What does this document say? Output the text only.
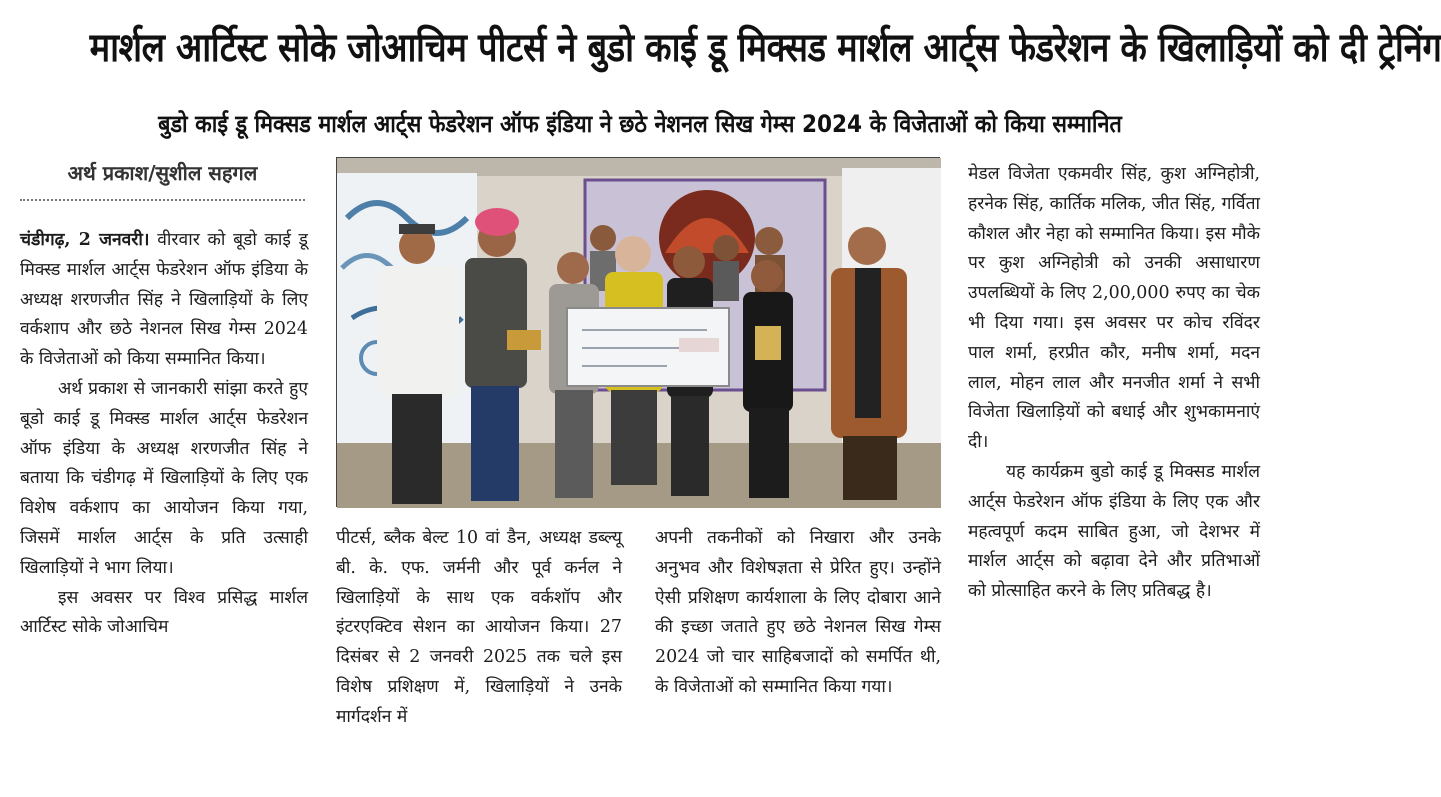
मार्शल आर्टिस्ट सोके जोआचिम पीटर्स ने बुडो काई डू मिक्सड मार्शल आर्ट्स फेडरेशन के खिलाड़ियों को दी ट्रेनिंग
बुडो काई डू मिक्सड मार्शल आर्ट्स फेडरेशन ऑफ इंडिया ने छठे नेशनल सिख गेम्स 2024 के विजेताओं को किया सम्मानित
अर्थ प्रकाश/सुशील सहगल

चंडीगढ़, 2 जनवरी। वीरवार को बूडो काई डू मिक्स्ड मार्शल आर्ट्स फेडरेशन ऑफ इंडिया के अध्यक्ष शरणजीत सिंह ने खिलाड़ियों के लिए वर्कशाप और छठे नेशनल सिख गेम्स 2024 के विजेताओं को किया सम्मानित किया।

अर्थ प्रकाश से जानकारी सांझा करते हुए बूडो काई डू मिक्स्ड मार्शल आर्ट्स फेडरेशन ऑफ इंडिया के अध्यक्ष शरणजीत सिंह ने बताया कि चंडीगढ़ में खिलाड़ियों के लिए एक विशेष वर्कशाप का आयोजन किया गया, जिसमें मार्शल आर्ट्स के प्रति उत्साही खिलाड़ियों ने भाग लिया।

इस अवसर पर विश्व प्रसिद्ध मार्शल आर्टिस्ट सोके जोआचिम

पीटर्स, ब्लैक बेल्ट 10 वां डैन, अध्यक्ष डब्ल्यू बी. के. एफ. जर्मनी और पूर्व कर्नल ने खिलाड़ियों के साथ एक वर्कशॉप और इंटरएक्टिव सेशन का आयोजन किया। 27 दिसंबर से 2 जनवरी 2025 तक चले इस विशेष प्रशिक्षण में, खिलाड़ियों ने उनके मार्गदर्शन में

अपनी तकनीकों को निखारा और उनके अनुभव और विशेषज्ञता से प्रेरित हुए। उन्होंने ऐसी प्रशिक्षण कार्यशाला के लिए दोबारा आने की इच्छा जताते हुए छठे नेशनल सिख गेम्स 2024 जो चार साहिबजादों को समर्पित थी, के विजेताओं को सम्मानित किया गया।

मेडल विजेता एकमवीर सिंह, कुश अग्निहोत्री, हरनेक सिंह, कार्तिक मलिक, जीत सिंह, गर्विता कौशल और नेहा को सम्मानित किया। इस मौके पर कुश अग्निहोत्री को उनकी असाधारण उपलब्धियों के लिए 2,00,000 रुपए का चेक भी दिया गया। इस अवसर पर कोच रविंदर पाल शर्मा, हरप्रीत कौर, मनीष शर्मा, मदन लाल, मोहन लाल और मनजीत शर्मा ने सभी विजेता खिलाड़ियों को बधाई और शुभकामनाएं दी।

यह कार्यक्रम बुडो काई डू मिक्सड मार्शल आर्ट्स फेडरेशन ऑफ इंडिया के लिए एक और महत्वपूर्ण कदम साबित हुआ, जो देशभर में मार्शल आर्ट्स को बढ़ावा देने और प्रतिभाओं को प्रोत्साहित करने के लिए प्रतिबद्ध है।
